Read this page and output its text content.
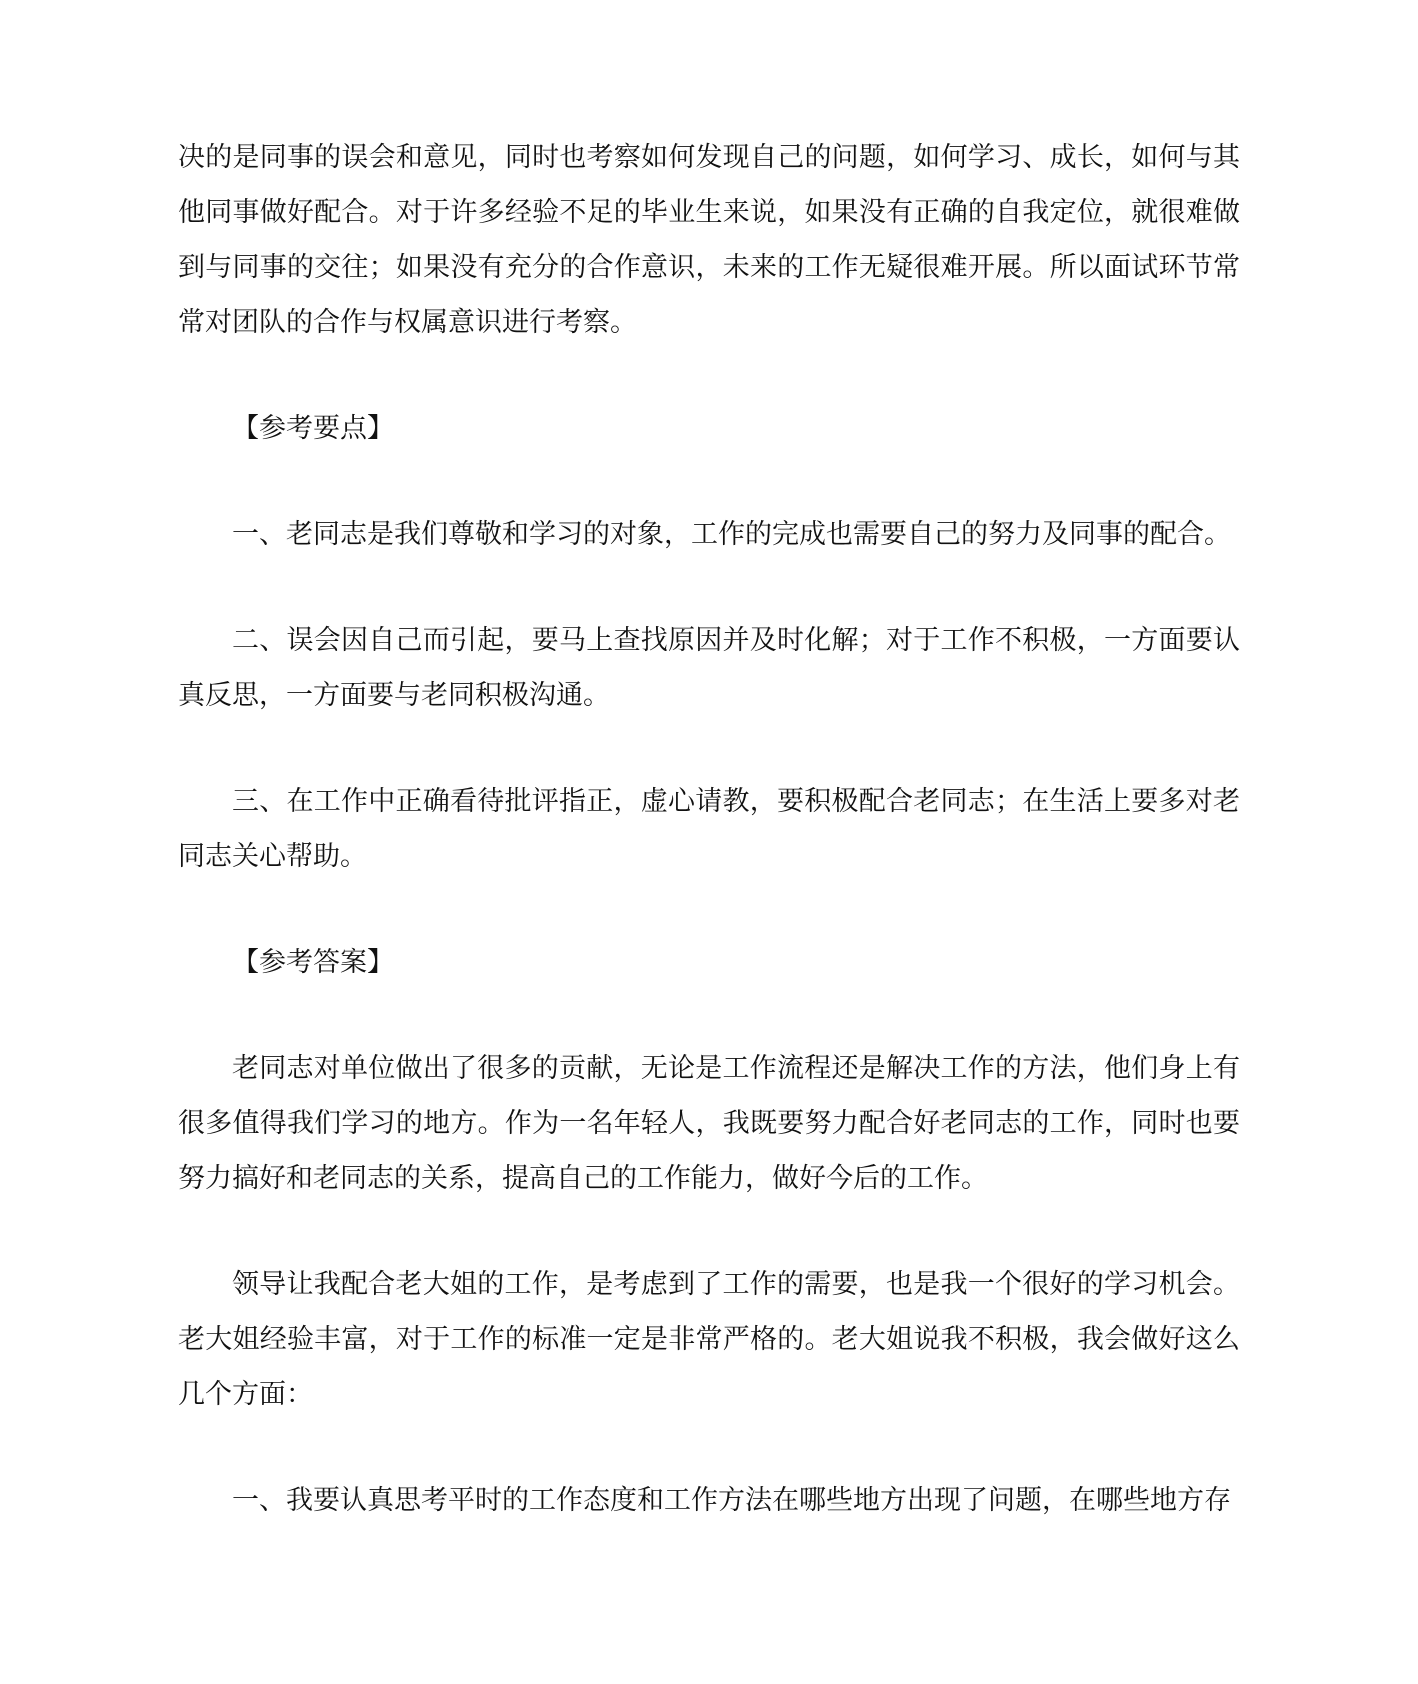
决的是同事的误会和意见，同时也考察如何发现自己的问题，如何学习、成长，如何与其他同事做好配合。对于许多经验不足的毕业生来说，如果没有正确的自我定位，就很难做到与同事的交往；如果没有充分的合作意识，未来的工作无疑很难开展。所以面试环节常常对团队的合作与权属意识进行考察。

【参考要点】

一、老同志是我们尊敬和学习的对象，工作的完成也需要自己的努力及同事的配合。

二、误会因自己而引起，要马上查找原因并及时化解；对于工作不积极，一方面要认真反思，一方面要与老同积极沟通。

三、在工作中正确看待批评指正，虚心请教，要积极配合老同志；在生活上要多对老同志关心帮助。

【参考答案】

老同志对单位做出了很多的贡献，无论是工作流程还是解决工作的方法，他们身上有很多值得我们学习的地方。作为一名年轻人，我既要努力配合好老同志的工作，同时也要努力搞好和老同志的关系，提高自己的工作能力，做好今后的工作。

领导让我配合老大姐的工作，是考虑到了工作的需要，也是我一个很好的学习机会。老大姐经验丰富，对于工作的标准一定是非常严格的。老大姐说我不积极，我会做好这么几个方面：

一、我要认真思考平时的工作态度和工作方法在哪些地方出现了问题，在哪些地方存
